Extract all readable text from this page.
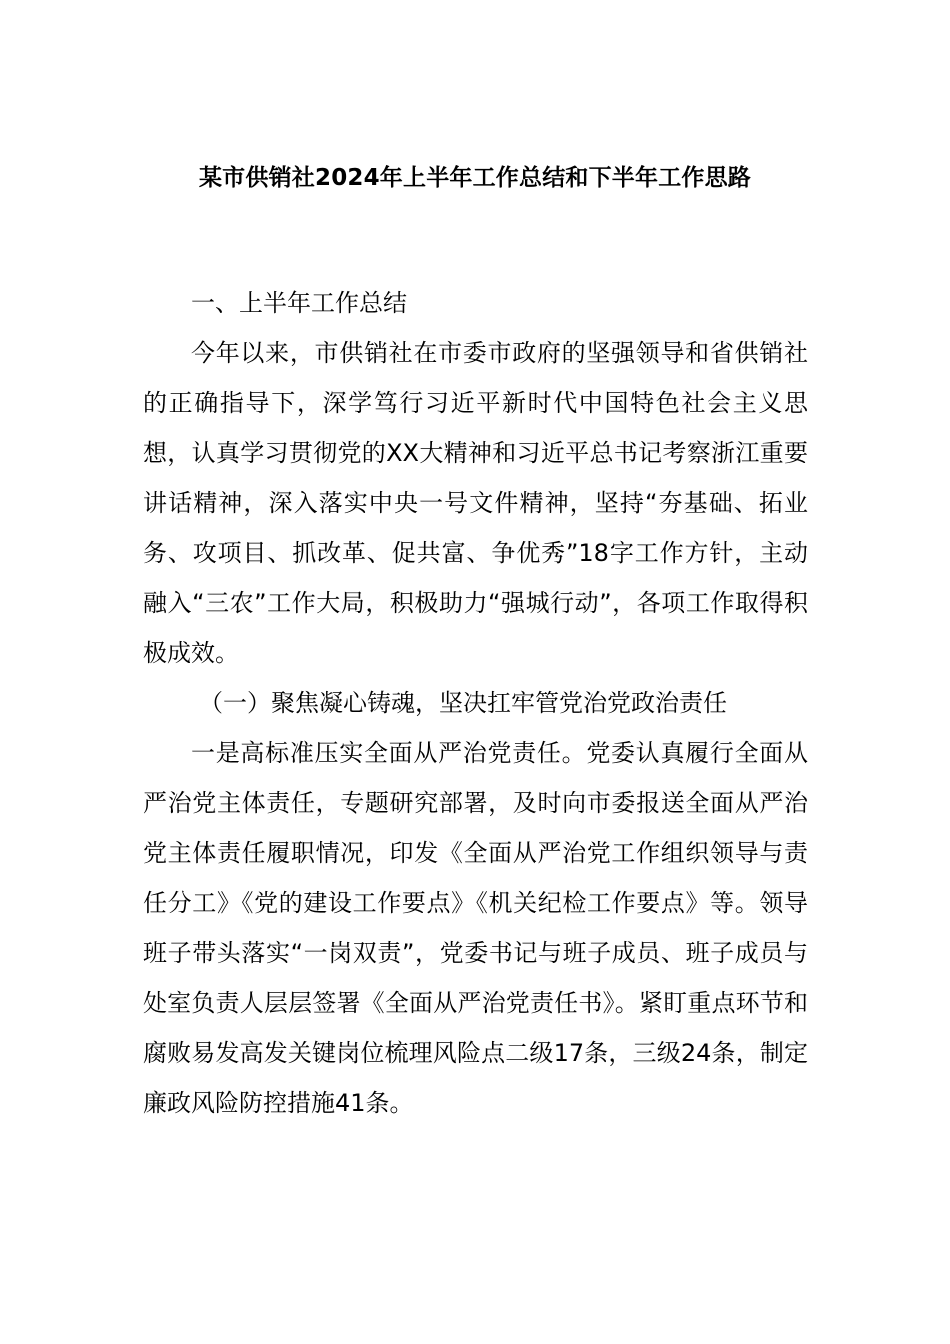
某市供销社2024年上半年工作总结和下半年工作思路

一、上半年工作总结

今年以来，市供销社在市委市政府的坚强领导和省供销社的正确指导下，深学笃行习近平新时代中国特色社会主义思想，认真学习贯彻党的XX大精神和习近平总书记考察浙江重要讲话精神，深入落实中央一号文件精神，坚持“夯基础、拓业务、攻项目、抓改革、促共富、争优秀”18字工作方针，主动融入“三农”工作大局，积极助力“强城行动”，各项工作取得积极成效。

（一）聚焦凝心铸魂，坚决扛牢管党治党政治责任

一是高标准压实全面从严治党责任。党委认真履行全面从严治党主体责任，专题研究部署，及时向市委报送全面从严治党主体责任履职情况，印发《全面从严治党工作组织领导与责任分工》《党的建设工作要点》《机关纪检工作要点》等。领导班子带头落实“一岗双责”，党委书记与班子成员、班子成员与处室负责人层层签署《全面从严治党责任书》。紧盯重点环节和腐败易发高发关键岗位梳理风险点二级17条，三级24条，制定廉政风险防控措施41条。
